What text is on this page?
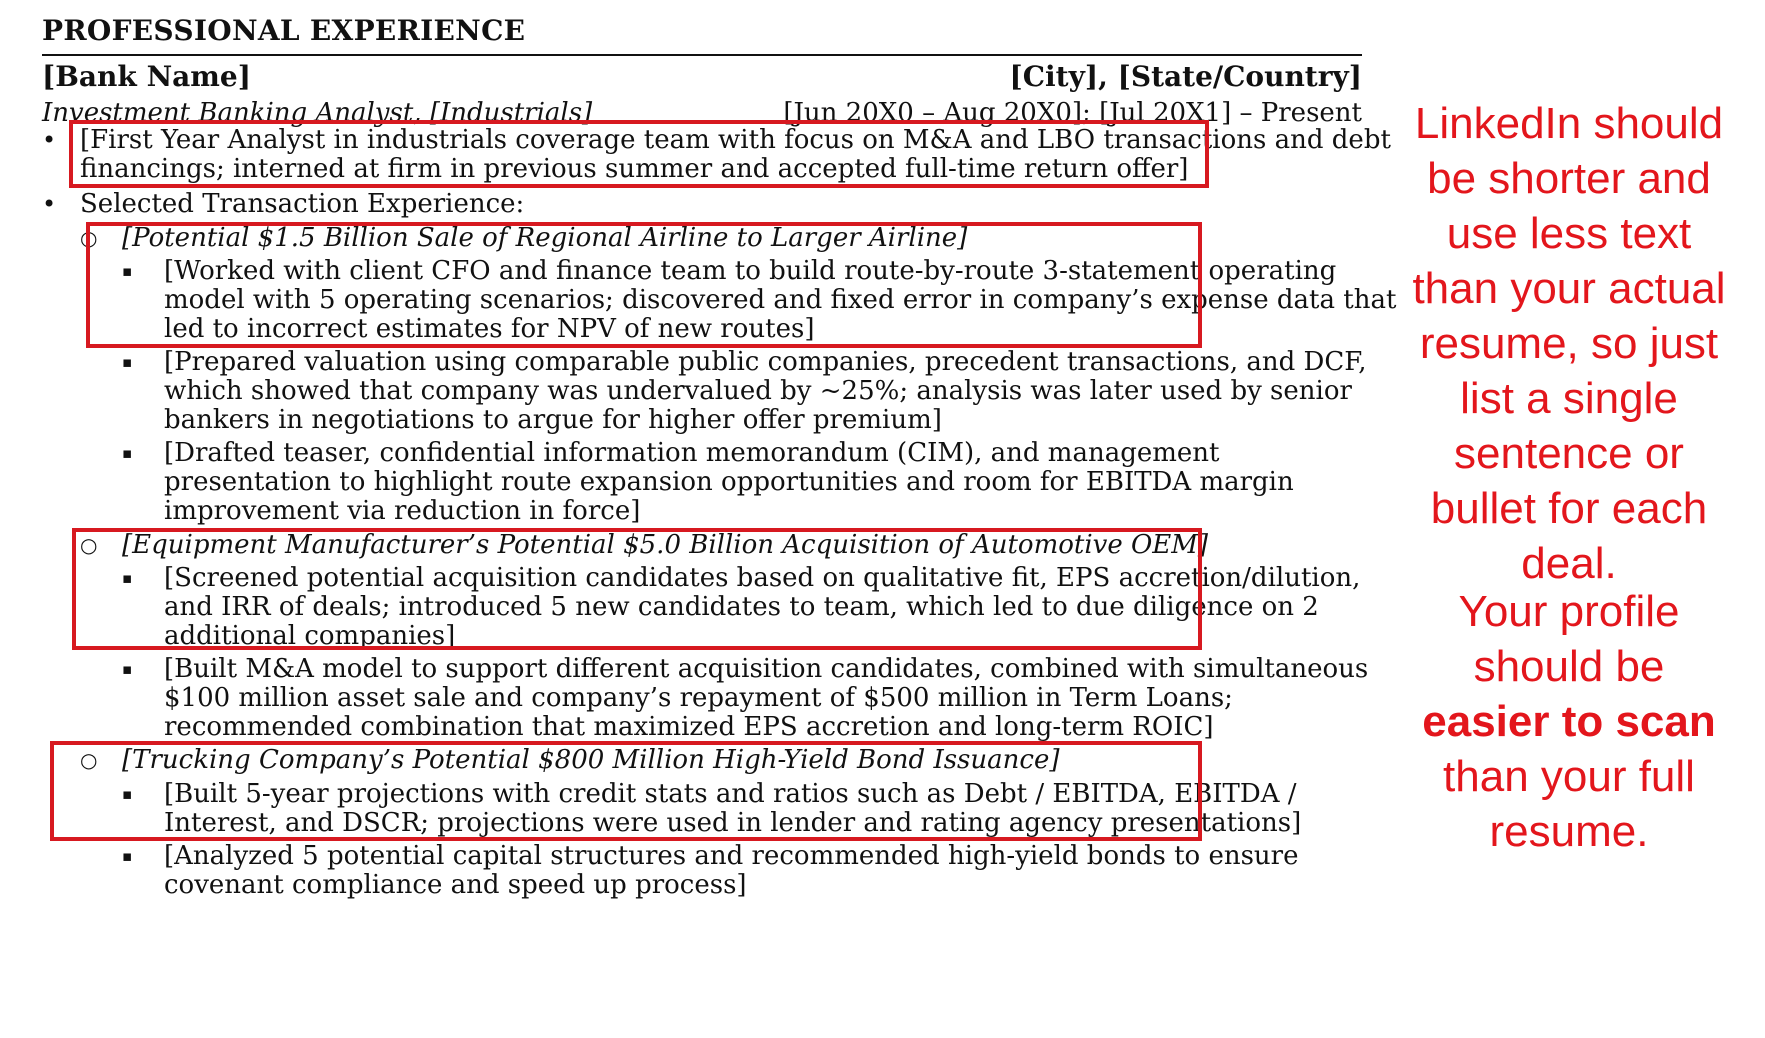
PROFESSIONAL EXPERIENCE
[Bank Name]	[City], [State/Country]
Investment Banking Analyst, [Industrials]	[Jun 20X0 – Aug 20X0]; [Jul 20X1] – Present
• [First Year Analyst in industrials coverage team with focus on M&A and LBO transactions and debt
financings; interned at firm in previous summer and accepted full-time return offer]
• Selected Transaction Experience:
○ [Potential $1.5 Billion Sale of Regional Airline to Larger Airline]
▪ [Worked with client CFO and finance team to build route-by-route 3-statement operating
model with 5 operating scenarios; discovered and fixed error in company’s expense data that
led to incorrect estimates for NPV of new routes]
▪ [Prepared valuation using comparable public companies, precedent transactions, and DCF,
which showed that company was undervalued by ~25%; analysis was later used by senior
bankers in negotiations to argue for higher offer premium]
▪ [Drafted teaser, confidential information memorandum (CIM), and management
presentation to highlight route expansion opportunities and room for EBITDA margin
improvement via reduction in force]
○ [Equipment Manufacturer’s Potential $5.0 Billion Acquisition of Automotive OEM]
▪ [Screened potential acquisition candidates based on qualitative fit, EPS accretion/dilution,
and IRR of deals; introduced 5 new candidates to team, which led to due diligence on 2
additional companies]
▪ [Built M&A model to support different acquisition candidates, combined with simultaneous
$100 million asset sale and company’s repayment of $500 million in Term Loans;
recommended combination that maximized EPS accretion and long-term ROIC]
○ [Trucking Company’s Potential $800 Million High-Yield Bond Issuance]
▪ [Built 5-year projections with credit stats and ratios such as Debt / EBITDA, EBITDA /
Interest, and DSCR; projections were used in lender and rating agency presentations]
▪ [Analyzed 5 potential capital structures and recommended high-yield bonds to ensure
covenant compliance and speed up process]
LinkedIn should
be shorter and
use less text
than your actual
resume, so just
list a single
sentence or
bullet for each
deal.
Your profile
should be
easier to scan
than your full
resume.
